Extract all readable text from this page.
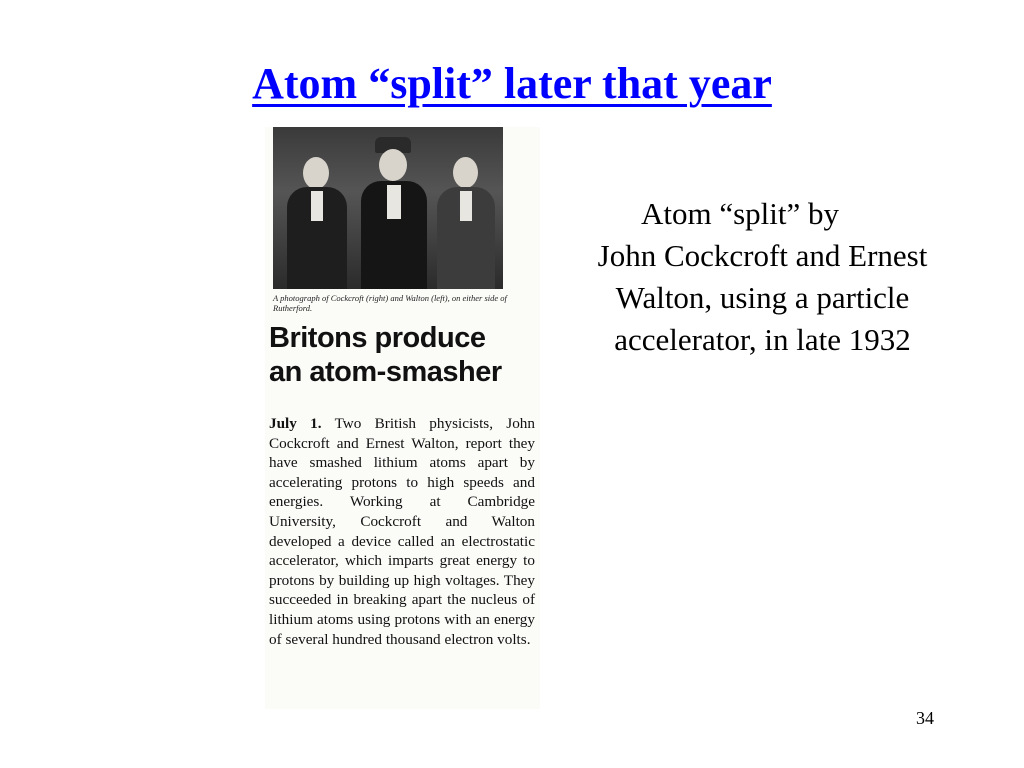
Atom “split” later that year
A photograph of Cockcroft (right) and Walton (left), on either side of Rutherford.
Britons produce
an atom-smasher
July 1. Two British physicists, John Cockcroft and Ernest Walton, report they have smashed lithium atoms apart by accelerating protons to high speeds and energies. Working at Cambridge University, Cockcroft and Walton developed a device called an electrostatic accelerator, which imparts great energy to protons by building up high voltages. They succeeded in breaking apart the nucleus of lithium atoms using protons with an energy of several hundred thousand electron volts.
Atom “split” by
John Cockcroft and Ernest Walton, using a particle accelerator, in late 1932
34
